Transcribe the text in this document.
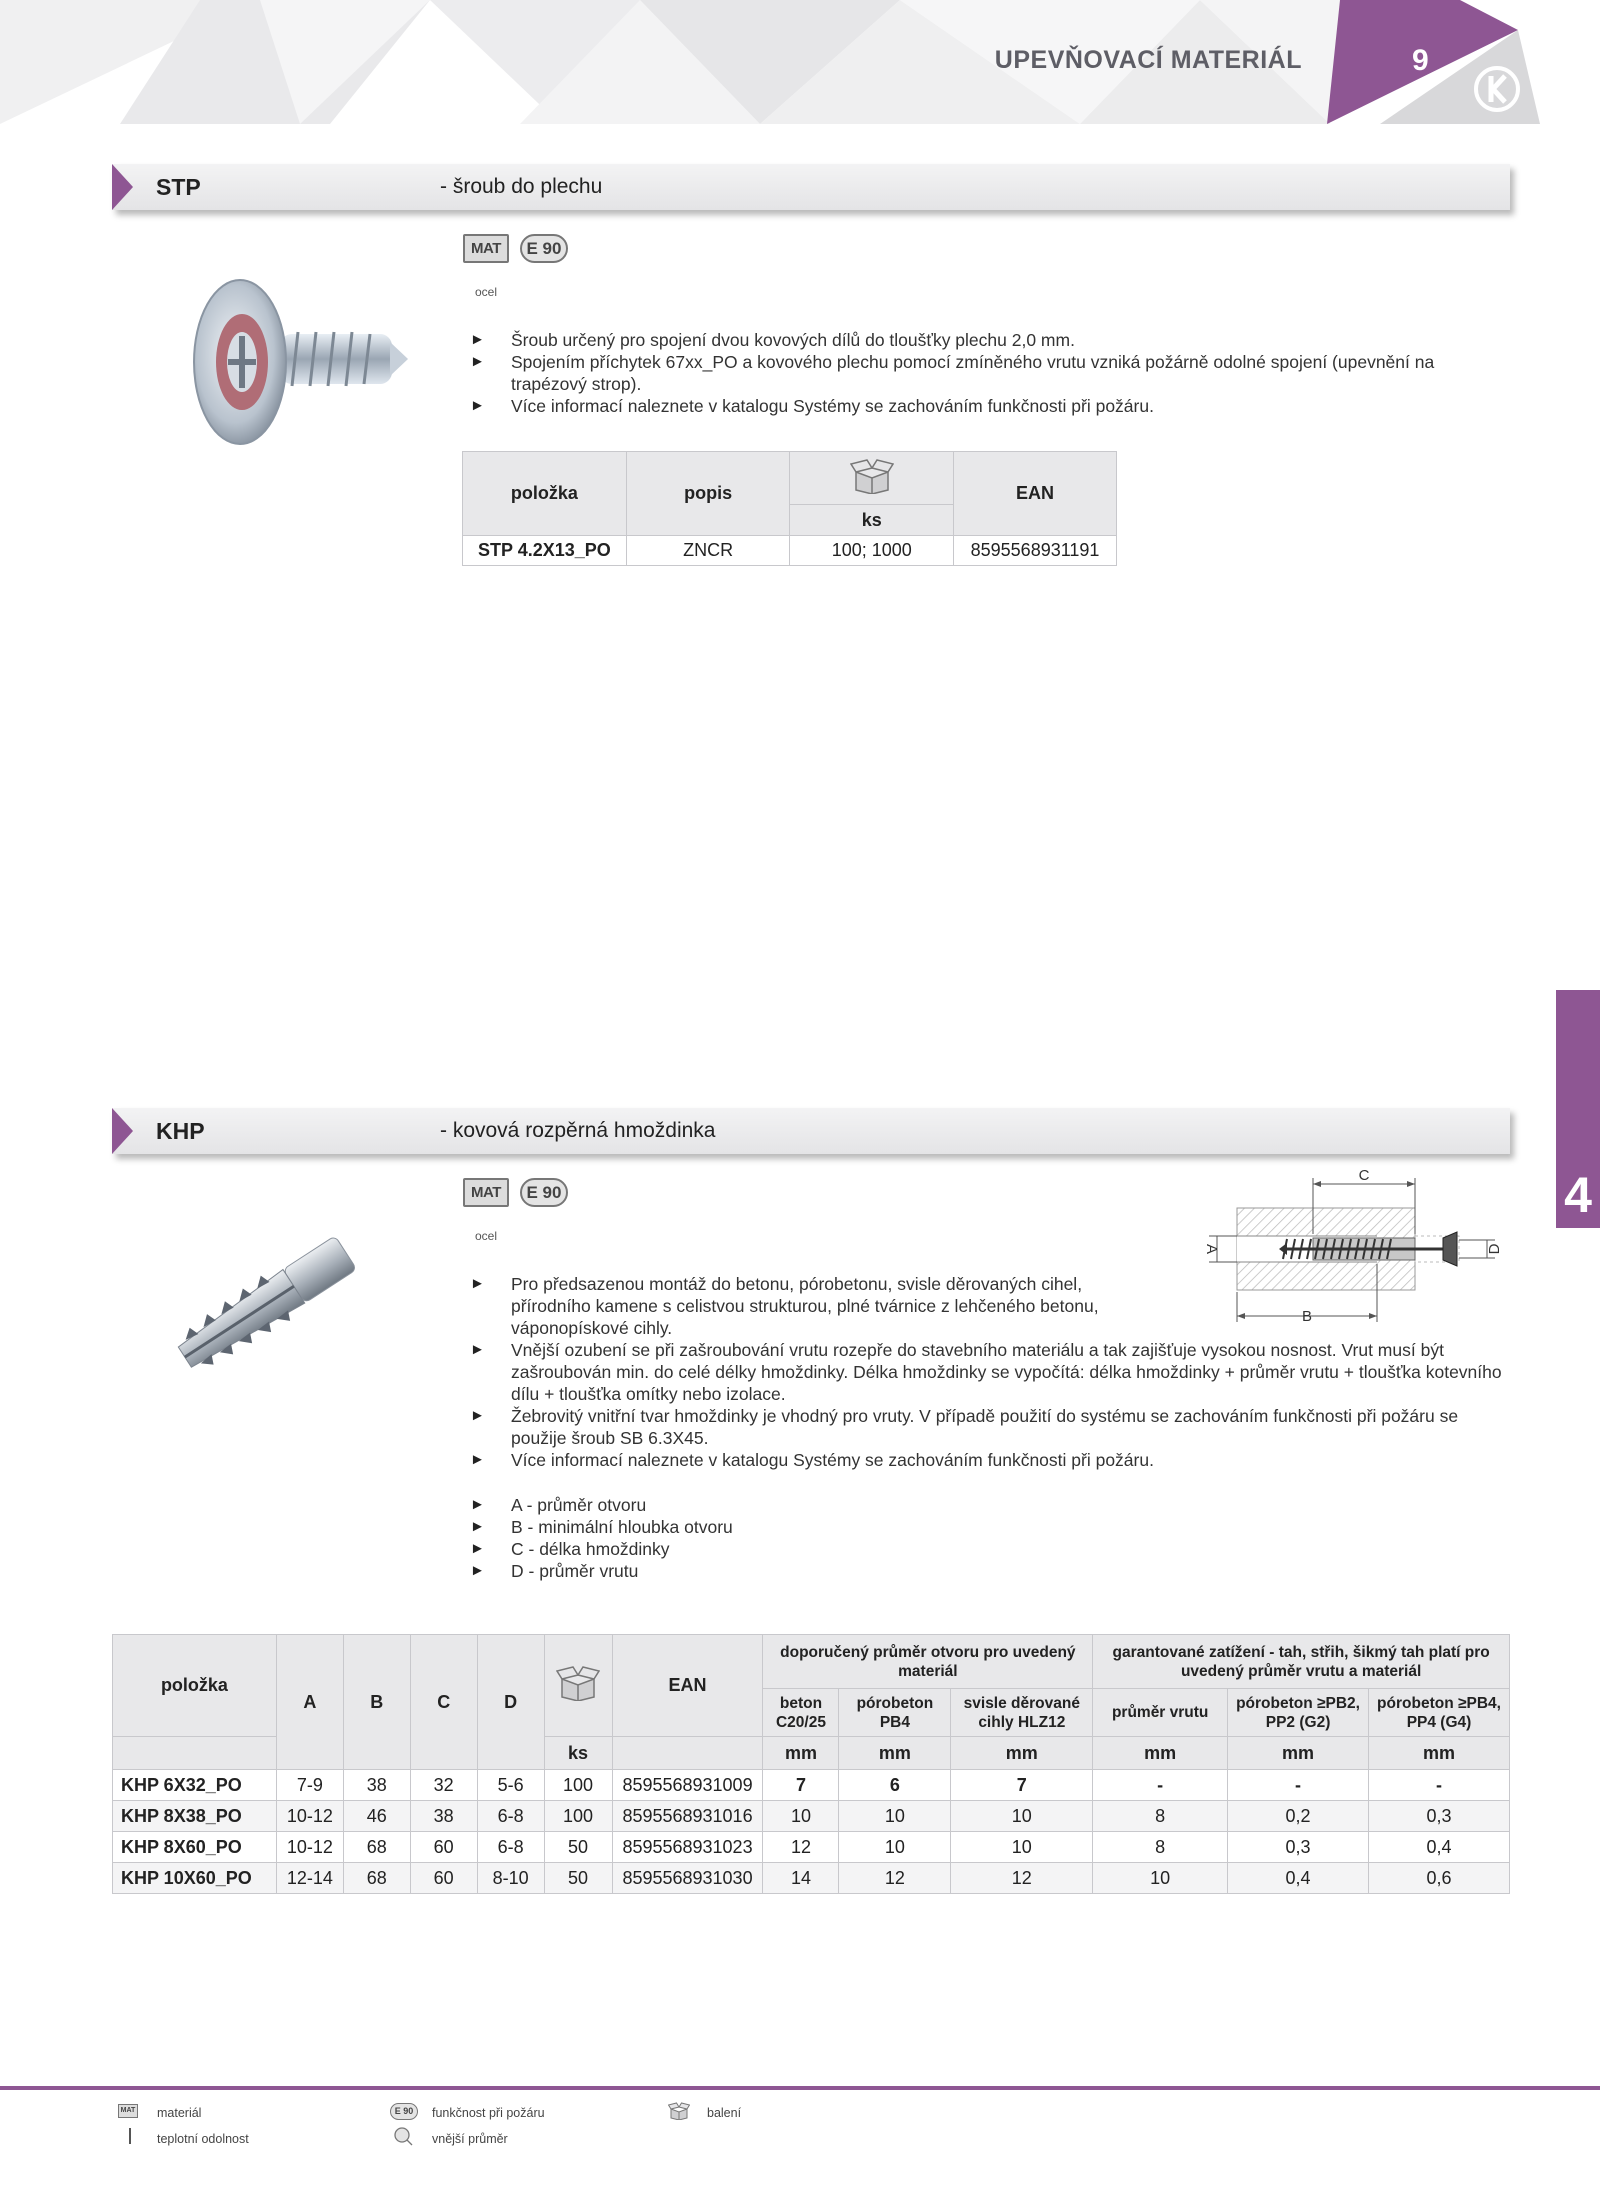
UPEVŇOVACÍ MATERIÁL	9
4
STP	- šroub do plechu
MAT	E 90
ocel
► Šroub určený pro spojení dvou kovových dílů do tloušťky plechu 2,0 mm.
► Spojením příchytek 67xx_PO a kovového plechu pomocí zmíněného vrutu vzniká požárně odolné spojení (upevnění na trapézový strop).
► Více informací naleznete v katalogu Systémy se zachováním funkčnosti při požáru.
položka	popis		EAN
		ks	
STP 4.2X13_PO	ZNCR	100; 1000	8595568931191
KHP	- kovová rozpěrná hmoždinka
MAT	E 90
ocel
C
B
A	D
► Pro předsazenou montáž do betonu, pórobetonu, svisle děrovaných cihel, přírodního kamene s celistvou strukturou, plné tvárnice z lehčeného betonu, váponopískové cihly.
► Vnější ozubení se při zašroubování vrutu rozepře do stavebního materiálu a tak zajišťuje vysokou nosnost. Vrut musí být zašroubován min. do celé délky hmoždinky. Délka hmoždinky se vypočítá: délka hmoždinky + průměr vrutu + tloušťka kotevního dílu + tloušťka omítky nebo izolace.
► Žebrovitý vnitřní tvar hmoždinky je vhodný pro vruty. V případě použití do systému se zachováním funkčnosti při požáru se použije šroub SB 6.3X45.
► Více informací naleznete v katalogu Systémy se zachováním funkčnosti při požáru.
► A - průměr otvoru
► B - minimální hloubka otvoru
► C - délka hmoždinky
► D - průměr vrutu
položka	A	B	C	D		EAN	doporučený průměr otvoru pro uvedený materiál			garantované zatížení - tah, střih, šikmý tah platí pro uvedený průměr vrutu a materiál		
							beton C20/25	pórobeton PB4	svisle děrované cihly HLZ12	průměr vrutu	pórobeton ≥PB2, PP2 (G2)	pórobeton ≥PB4, PP4 (G4)
					ks		mm	mm	mm	mm	mm	mm
KHP 6X32_PO	7-9	38	32	5-6	100	8595568931009	7	6	7	-	-	-
KHP 8X38_PO	10-12	46	38	6-8	100	8595568931016	10	10	10	8	0,2	0,3
KHP 8X60_PO	10-12	68	60	6-8	50	8595568931023	12	10	10	8	0,3	0,4
KHP 10X60_PO	12-14	68	60	8-10	50	8595568931030	14	12	12	10	0,4	0,6
MAT materiál
teplotní odolnost
E 90	funkčnost při požáru
vnější průměr
balení
